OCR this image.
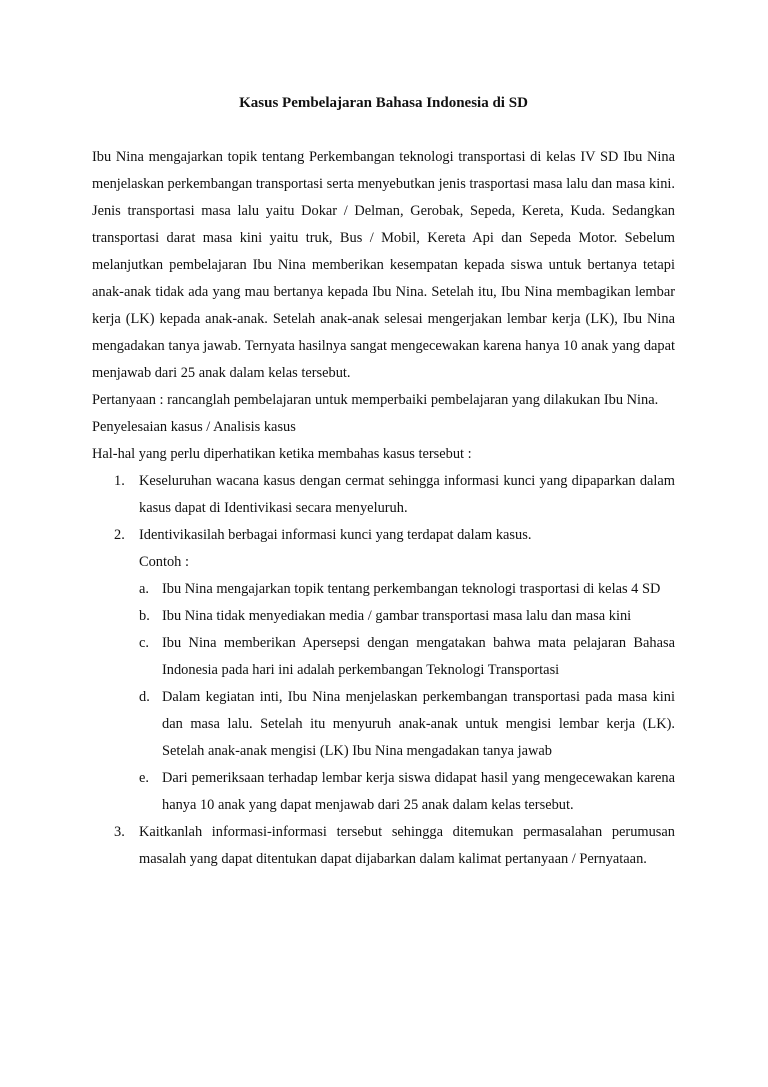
Kasus Pembelajaran Bahasa Indonesia di SD

Ibu Nina mengajarkan topik tentang Perkembangan teknologi transportasi di kelas IV SD Ibu Nina menjelaskan perkembangan transportasi serta menyebutkan jenis trasportasi masa lalu dan masa kini. Jenis transportasi masa lalu yaitu Dokar / Delman, Gerobak, Sepeda, Kereta, Kuda. Sedangkan transportasi darat masa kini yaitu truk, Bus / Mobil, Kereta Api dan Sepeda Motor. Sebelum melanjutkan pembelajaran Ibu Nina memberikan kesempatan kepada siswa untuk bertanya tetapi anak-anak tidak ada yang mau bertanya kepada Ibu Nina. Setelah itu, Ibu Nina membagikan lembar kerja (LK) kepada anak-anak. Setelah anak-anak selesai mengerjakan lembar kerja (LK), Ibu Nina mengadakan tanya jawab. Ternyata hasilnya sangat mengecewakan karena hanya 10 anak yang dapat menjawab dari 25 anak dalam kelas tersebut.

Pertanyaan : rancanglah pembelajaran untuk memperbaiki pembelajaran yang dilakukan Ibu Nina.

Penyelesaian kasus / Analisis kasus

Hal-hal yang perlu diperhatikan ketika membahas kasus tersebut :

1. Keseluruhan wacana kasus dengan cermat sehingga informasi kunci yang dipaparkan dalam kasus dapat di Identivikasi secara menyeluruh.
2. Identivikasilah berbagai informasi kunci yang terdapat dalam kasus.
Contoh :
a. Ibu Nina mengajarkan topik tentang perkembangan teknologi trasportasi di kelas 4 SD
b. Ibu Nina tidak menyediakan media / gambar transportasi masa lalu dan masa kini
c. Ibu Nina memberikan Apersepsi dengan mengatakan bahwa mata pelajaran Bahasa Indonesia pada hari ini adalah perkembangan Teknologi Transportasi
d. Dalam kegiatan inti, Ibu Nina menjelaskan perkembangan transportasi pada masa kini dan masa lalu. Setelah itu menyuruh anak-anak untuk mengisi lembar kerja (LK). Setelah anak-anak mengisi (LK) Ibu Nina mengadakan tanya jawab
e. Dari pemeriksaan terhadap lembar kerja siswa didapat hasil yang mengecewakan karena hanya 10 anak yang dapat menjawab dari 25 anak dalam kelas tersebut.
3. Kaitkanlah informasi-informasi tersebut sehingga ditemukan permasalahan perumusan masalah yang dapat ditentukan dapat dijabarkan dalam kalimat pertanyaan / Pernyataan.
